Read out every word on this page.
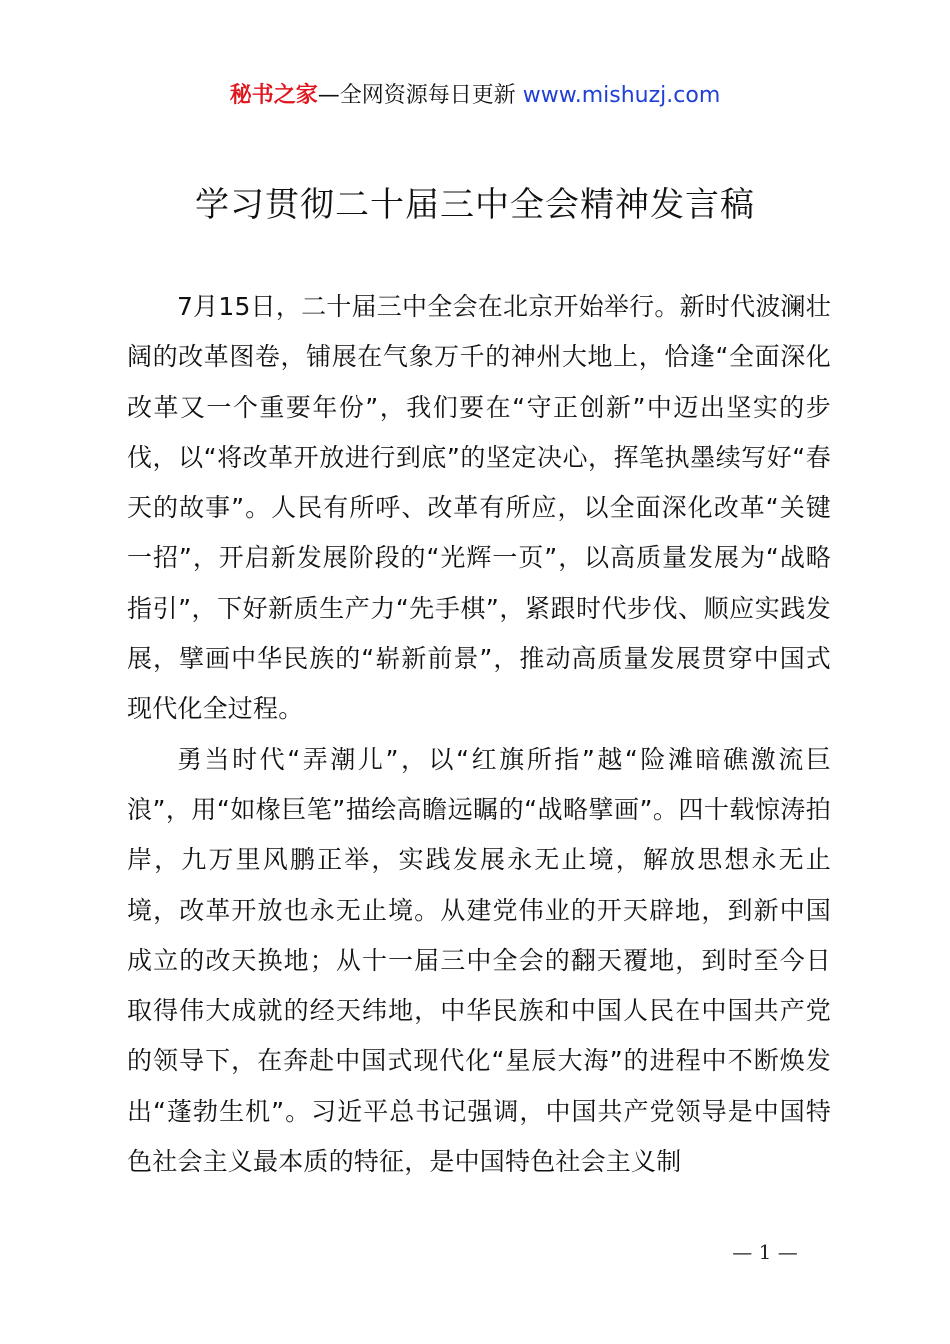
秘书之家—全网资源每日更新 www.mishuzj.com
学习贯彻二十届三中全会精神发言稿

7月15日，二十届三中全会在北京开始举行。新时代波澜壮阔的改革图卷，铺展在气象万千的神州大地上，恰逢“全面深化改革又一个重要年份”，我们要在“守正创新”中迈出坚实的步伐，以“将改革开放进行到底”的坚定决心，挥笔执墨续写好“春天的故事”。人民有所呼、改革有所应，以全面深化改革“关键一招”，开启新发展阶段的“光辉一页”，以高质量发展为“战略指引”，下好新质生产力“先手棋”，紧跟时代步伐、顺应实践发展，擘画中华民族的“崭新前景”，推动高质量发展贯穿中国式现代化全过程。

勇当时代“弄潮儿”，以“红旗所指”越“险滩暗礁激流巨浪”，用“如椽巨笔”描绘高瞻远瞩的“战略擘画”。四十载惊涛拍岸，九万里风鹏正举，实践发展永无止境，解放思想永无止境，改革开放也永无止境。从建党伟业的开天辟地，到新中国成立的改天换地；从十一届三中全会的翻天覆地，到时至今日取得伟大成就的经天纬地，中华民族和中国人民在中国共产党的领导下，在奔赴中国式现代化“星辰大海”的进程中不断焕发出“蓬勃生机”。习近平总书记强调，中国共产党领导是中国特色社会主义最本质的特征，是中国特色社会主义制

— 1 —
